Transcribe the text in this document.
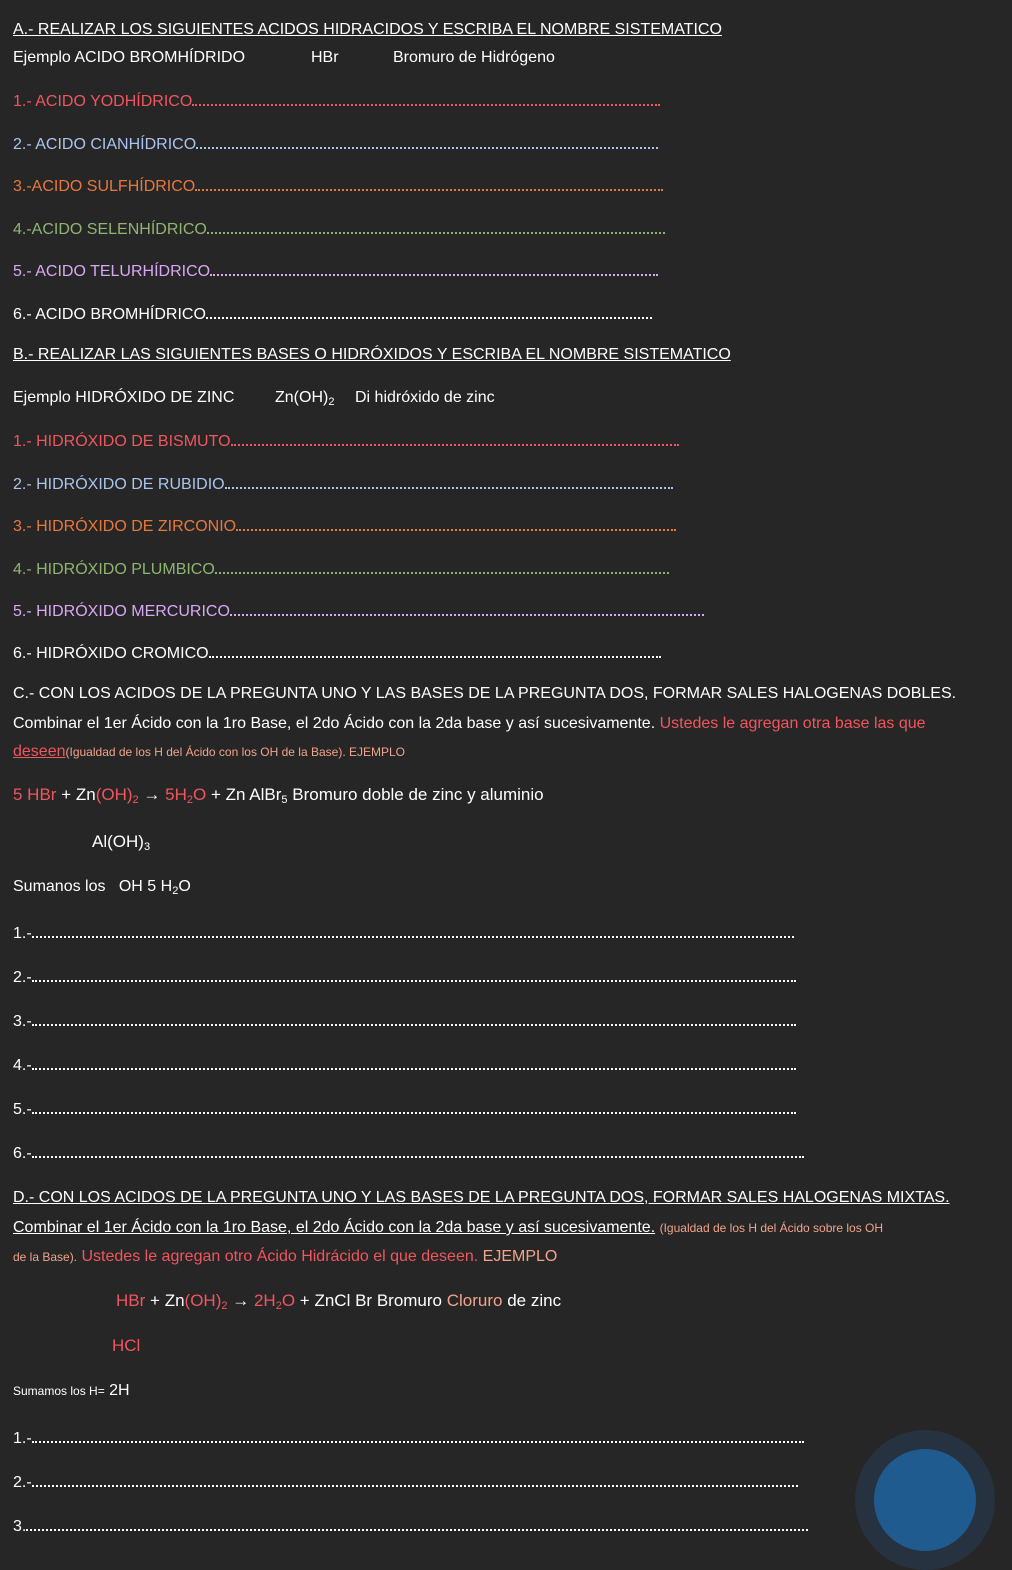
A.- REALIZAR LOS SIGUIENTES ACIDOS HIDRACIDOS Y ESCRIBA EL NOMBRE SISTEMATICO
Ejemplo ACIDO BROMHÍDRIDO	HBr	Bromuro de Hidrógeno
1.- ACIDO YODHÍDRICO
2.- ACIDO CIANHÍDRICO
3.-ACIDO SULFHÍDRICO
4.-ACIDO SELENHÍDRICO
5.- ACIDO TELURHÍDRICO
6.- ACIDO BROMHÍDRICO
B.- REALIZAR LAS SIGUIENTES BASES O HIDRÓXIDOS Y ESCRIBA EL NOMBRE SISTEMATICO
Ejemplo HIDRÓXIDO DE ZINC	$Zn(OH)_2$ Di hidróxido de zinc
1.- HIDRÓXIDO DE BISMUTO
2.- HIDRÓXIDO DE RUBIDIO
3.- HIDRÓXIDO DE ZIRCONIO
4.- HIDRÓXIDO PLUMBICO
5.- HIDRÓXIDO MERCURICO
6.- HIDRÓXIDO CROMICO
C.- CON LOS ACIDOS DE LA PREGUNTA UNO Y LAS BASES DE LA PREGUNTA DOS, FORMAR SALES HALOGENAS DOBLES.
Combinar el 1er Ácido con la 1ro Base, el 2do Ácido con la 2da base y así sucesivamente. Ustedes le agregan otra base las que
deseen(Igualdad de los H del Ácido con los OH de la Base). EJEMPLO
5 HBr + $Zn(OH)_2 \to 5H_2O + Zn$ AlBr$_5$ Bromuro doble de zinc y aluminio
$Al(OH)_3$
Sumanos los OH 5 $H_2O$
1.-
2.-
3.-
4.-
5.-
6.-
D.- CON LOS ACIDOS DE LA PREGUNTA UNO Y LAS BASES DE LA PREGUNTA DOS, FORMAR SALES HALOGENAS MIXTAS.
Combinar el 1er Ácido con la 1ro Base, el 2do Ácido con la 2da base y así sucesivamente. (Igualdad de los H del Ácido sobre los OH
de la Base). Ustedes le agregan otro Ácido Hidrácido el que deseen. EJEMPLO
HBr + $Zn(OH)_2 \to 2H_2O$ + ZnCl Br Bromuro Cloruro de zinc
HCl
Sumamos los H= 2H
1.-
2.-
3.
